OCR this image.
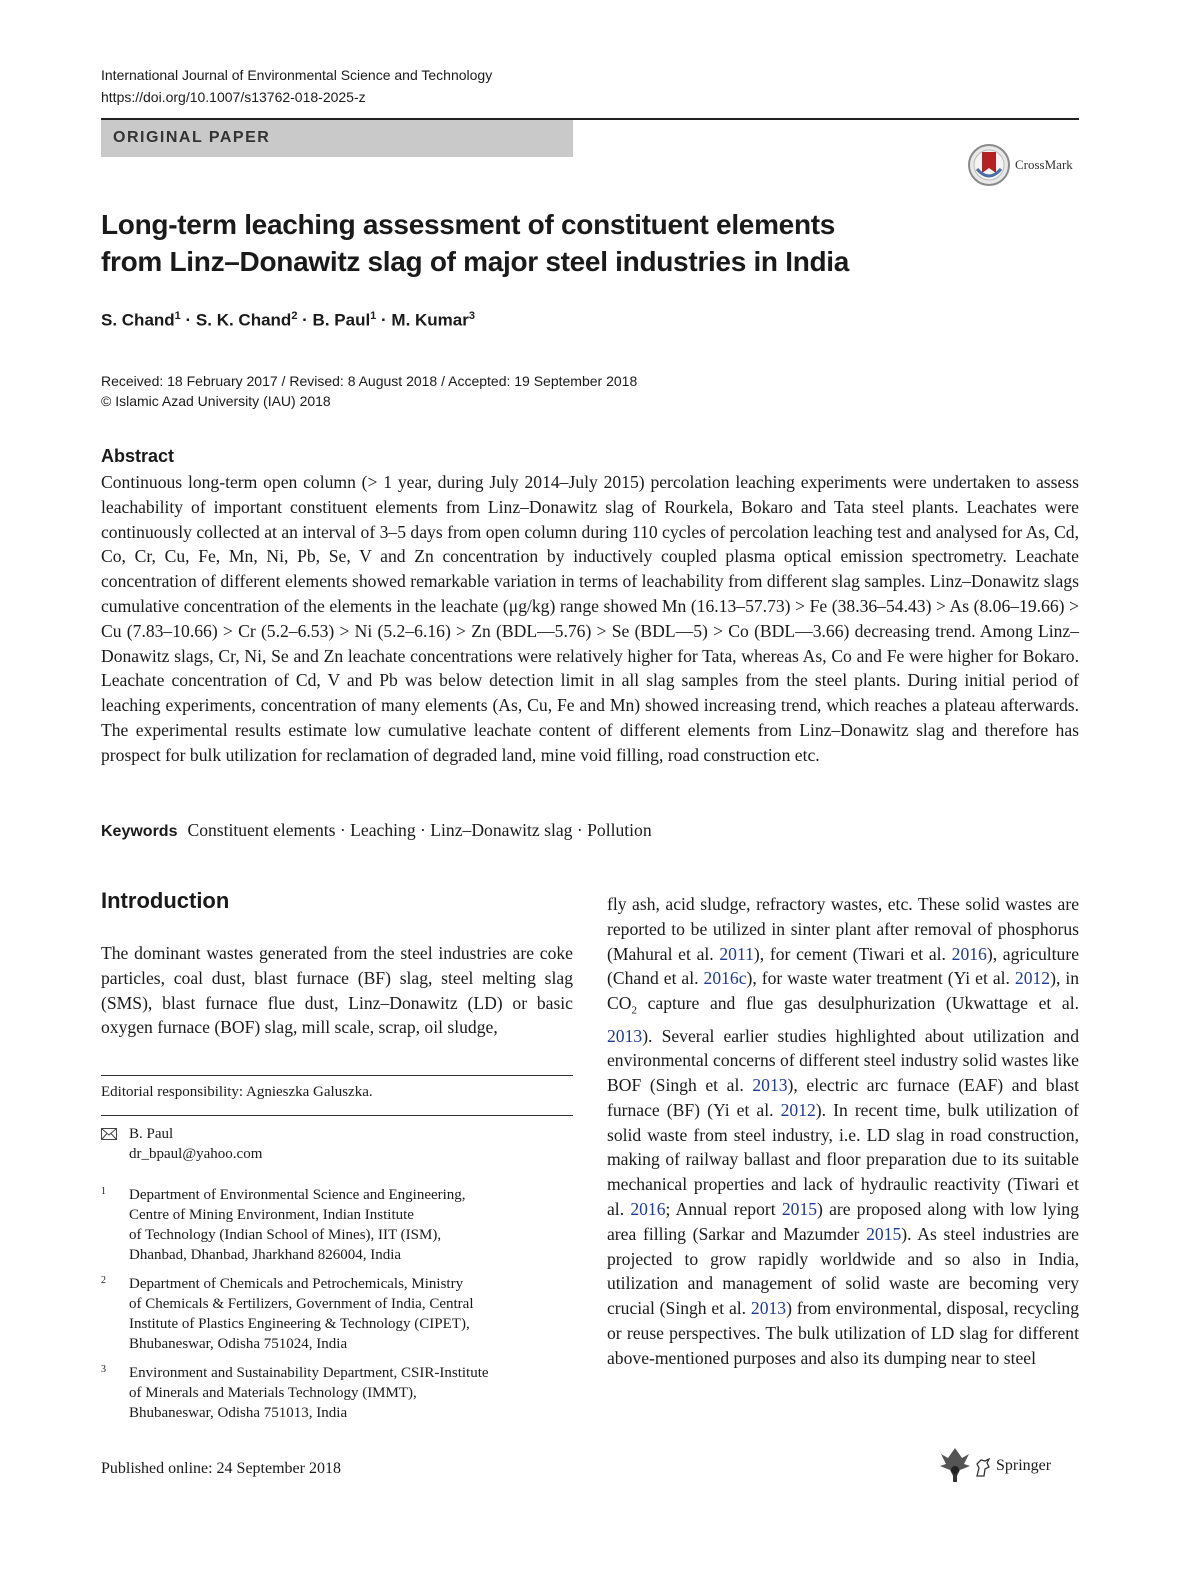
International Journal of Environmental Science and Technology
https://doi.org/10.1007/s13762-018-2025-z
ORIGINAL PAPER
CrossMark
Long-term leaching assessment of constituent elements
from Linz–Donawitz slag of major steel industries in India
S. Chand$^1$ · S. K. Chand$^2$ · B. Paul$^1$ · M. Kumar$^3$
Received: 18 February 2017 / Revised: 8 August 2018 / Accepted: 19 September 2018
© Islamic Azad University (IAU) 2018
Abstract
Continuous long-term open column (> 1 year, during July 2014–July 2015) percolation leaching experiments were undertaken to assess leachability of important constituent elements from Linz–Donawitz slag of Rourkela, Bokaro and Tata steel plants. Leachates were continuously collected at an interval of 3–5 days from open column during 110 cycles of percolation leaching test and analysed for As, Cd, Co, Cr, Cu, Fe, Mn, Ni, Pb, Se, V and Zn concentration by inductively coupled plasma optical emission spectrometry. Leachate concentration of different elements showed remarkable variation in terms of leachability from different slag samples. Linz–Donawitz slags cumulative concentration of the elements in the leachate (μg/kg) range showed Mn (16.13–57.73) > Fe (38.36–54.43) > As (8.06–19.66) > Cu (7.83–10.66) > Cr (5.2–6.53) > Ni (5.2–6.16) > Zn (BDL—5.76) > Se (BDL—5) > Co (BDL—3.66) decreasing trend. Among Linz–Donawitz slags, Cr, Ni, Se and Zn leachate concentrations were relatively higher for Tata, whereas As, Co and Fe were higher for Bokaro. Leachate concentration of Cd, V and Pb was below detection limit in all slag samples from the steel plants. During initial period of leaching experiments, concentration of many elements (As, Cu, Fe and Mn) showed increasing trend, which reaches a plateau afterwards. The experimental results estimate low cumulative leachate content of different elements from Linz–Donawitz slag and therefore has prospect for bulk utilization for reclamation of degraded land, mine void filling, road construction etc.
Keywords Constituent elements · Leaching · Linz–Donawitz slag · Pollution
Introduction
The dominant wastes generated from the steel industries are coke particles, coal dust, blast furnace (BF) slag, steel melting slag (SMS), blast furnace flue dust, Linz–Donawitz (LD) or basic oxygen furnace (BOF) slag, mill scale, scrap, oil sludge,
fly ash, acid sludge, refractory wastes, etc. These solid wastes are reported to be utilized in sinter plant after removal of phosphorus (Mahural et al. 2011), for cement (Tiwari et al. 2016), agriculture (Chand et al. 2016c), for waste water treatment (Yi et al. 2012), in $CO_2$ capture and flue gas desulphurization (Ukwattage et al. 2013). Several earlier studies highlighted about utilization and environmental concerns of different steel industry solid wastes like BOF (Singh et al. 2013), electric arc furnace (EAF) and blast furnace (BF) (Yi et al. 2012). In recent time, bulk utilization of solid waste from steel industry, i.e. LD slag in road construction, making of railway ballast and floor preparation due to its suitable mechanical properties and lack of hydraulic reactivity (Tiwari et al. 2016; Annual report 2015) are proposed along with low lying area filling (Sarkar and Mazumder 2015). As steel industries are projected to grow rapidly worldwide and so also in India, utilization and management of solid waste are becoming very crucial (Singh et al. 2013) from environmental, disposal, recycling or reuse perspectives. The bulk utilization of LD slag for different above-mentioned purposes and also its dumping near to steel
Editorial responsibility: Agnieszka Galuszka.
B. Paul
dr_bpaul@yahoo.com
1 Department of Environmental Science and Engineering,
Centre of Mining Environment, Indian Institute
of Technology (Indian School of Mines), IIT (ISM),
Dhanbad, Dhanbad, Jharkhand 826004, India
2 Department of Chemicals and Petrochemicals, Ministry
of Chemicals & Fertilizers, Government of India, Central
Institute of Plastics Engineering & Technology (CIPET),
Bhubaneswar, Odisha 751024, India
3 Environment and Sustainability Department, CSIR-Institute
of Minerals and Materials Technology (IMMT),
Bhubaneswar, Odisha 751013, India
Published online: 24 September 2018	Springer
